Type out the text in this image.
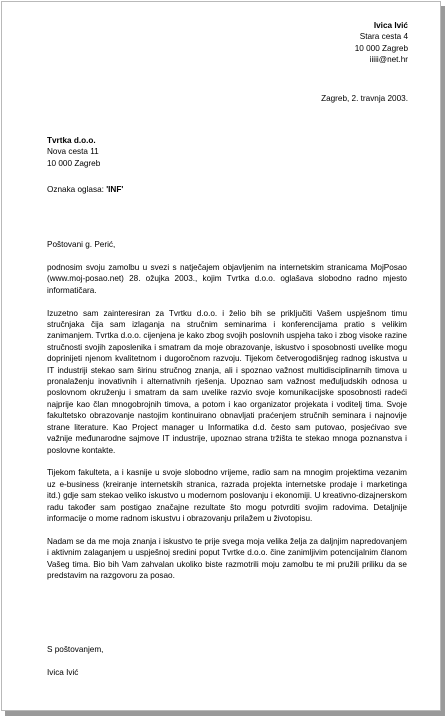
Ivica Ivić
Stara cesta 4
10 000 Zagreb
iiiii@net.hr
Zagreb, 2. travnja 2003.
Tvrtka d.o.o.
Nova cesta 11
10 000 Zagreb
Oznaka oglasa: 'INF'

Poštovani g. Perić,

podnosim svoju zamolbu u svezi s natječajem objavljenim na internetskim stranicama MojPosao (www.moj-posao.net) 28. ožujka 2003., kojim Tvrtka d.o.o. oglašava slobodno radno mjesto informatičara.

Izuzetno sam zainteresiran za Tvrtku d.o.o. i želio bih se priključiti Vašem uspješnom timu stručnjaka čija sam izlaganja na stručnim seminarima i konferencijama pratio s velikim zanimanjem. Tvrtka d.o.o. cijenjena je kako zbog svojih poslovnih uspjeha tako i zbog visoke razine stručnosti svojih zaposlenika i smatram da moje obrazovanje, iskustvo i sposobnosti uvelike mogu doprinijeti njenom kvalitetnom i dugoročnom razvoju. Tijekom četverogodišnjeg radnog iskustva u IT industriji stekao sam širinu stručnog znanja, ali i spoznao važnost multidisciplinarnih timova u pronalaženju inovativnih i alternativnih rješenja. Upoznao sam važnost međuljudskih odnosa u poslovnom okruženju i smatram da sam uvelike razvio svoje komunikacijske sposobnosti radeći najprije kao član mnogobrojnih timova, a potom i kao organizator projekata i voditelj tima. Svoje fakultetsko obrazovanje nastojim kontinuirano obnavljati praćenjem stručnih seminara i najnovije strane literature. Kao Project manager u Informatika d.d. često sam putovao, posjećivao sve važnije međunarodne sajmove IT industrije, upoznao strana tržišta te stekao mnoga poznanstva i poslovne kontakte.

Tijekom fakulteta, a i kasnije u svoje slobodno vrijeme, radio sam na mnogim projektima vezanim uz e-business (kreiranje internetskih stranica, razrada projekta internetske prodaje i marketinga itd.) gdje sam stekao veliko iskustvo u modernom poslovanju i ekonomiji. U kreativno-dizajnerskom radu također sam postigao značajne rezultate što mogu potvrditi svojim radovima. Detaljnije informacije o mome radnom iskustvu i obrazovanju prilažem u životopisu.

Nadam se da me moja znanja i iskustvo te prije svega moja velika želja za daljnjim napredovanjem i aktivnim zalaganjem u uspješnoj sredini poput Tvrtke d.o.o. čine zanimljivim potencijalnim članom Vašeg tima. Bio bih Vam zahvalan ukoliko biste razmotrili moju zamolbu te mi pružili priliku da se predstavim na razgovoru za posao.

S poštovanjem,
Ivica Ivić
